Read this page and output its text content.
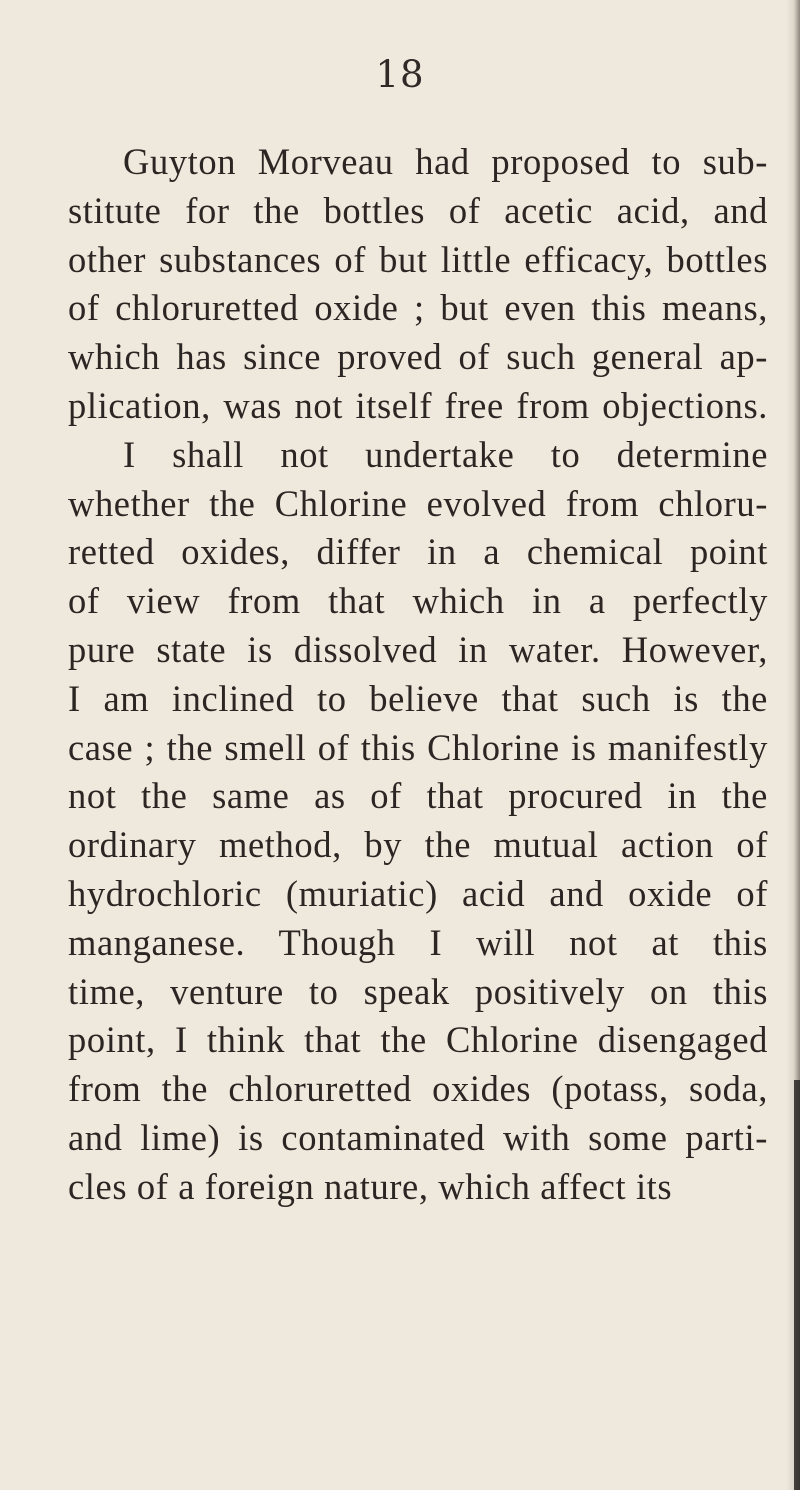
18
Guyton Morveau had proposed to sub-
stitute for the bottles of acetic acid, and
other substances of but little efficacy, bottles
of chloruretted oxide ; but even this means,
which has since proved of such general ap-
plication, was not itself free from objections.
I shall not undertake to determine
whether the Chlorine evolved from chloru-
retted oxides, differ in a chemical point
of view from that which in a perfectly
pure state is dissolved in water. However,
I am inclined to believe that such is the
case ; the smell of this Chlorine is manifestly
not the same as of that procured in the
ordinary method, by the mutual action of
hydrochloric (muriatic) acid and oxide of
manganese. Though I will not at this
time, venture to speak positively on this
point, I think that the Chlorine disengaged
from the chloruretted oxides (potass, soda,
and lime) is contaminated with some parti-
cles of a foreign nature, which affect its
